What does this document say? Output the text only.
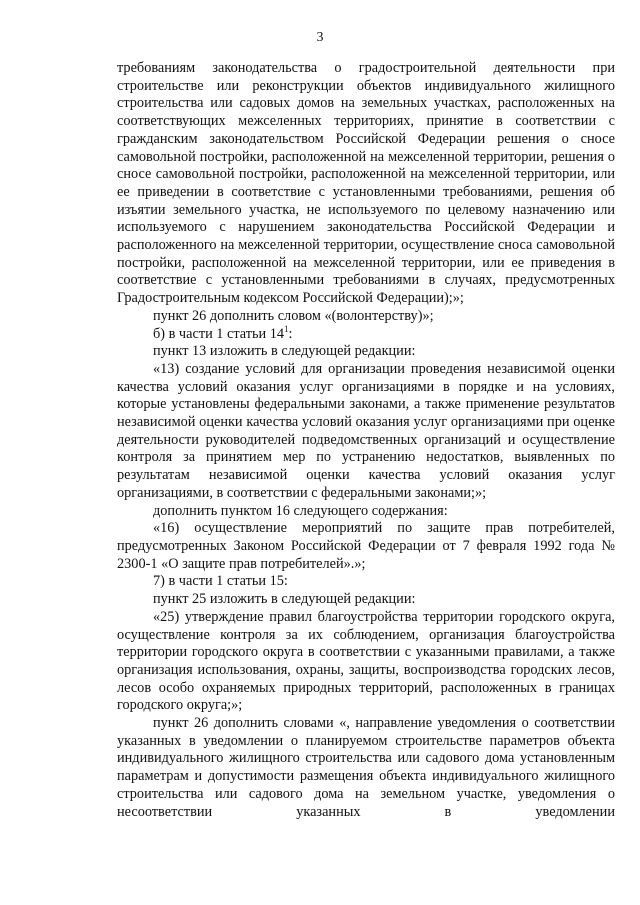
3

требованиям законодательства о градостроительной деятельности при строительстве или реконструкции объектов индивидуального жилищного строительства или садовых домов на земельных участках, расположенных на соответствующих межселенных территориях, принятие в соответствии с гражданским законодательством Российской Федерации решения о сносе самовольной постройки, расположенной на межселенной территории, решения о сносе самовольной постройки, расположенной на межселенной территории, или ее приведении в соответствие с установленными требованиями, решения об изъятии земельного участка, не используемого по целевому назначению или используемого с нарушением законодательства Российской Федерации и расположенного на межселенной территории, осуществление сноса самовольной постройки, расположенной на межселенной территории, или ее приведения в соответствие с установленными требованиями в случаях, предусмотренных Градостроительным кодексом Российской Федерации);»;

пункт 26 дополнить словом «(волонтерству)»;

б) в части 1 статьи $14^1$:

пункт 13 изложить в следующей редакции:

«13) создание условий для организации проведения независимой оценки качества условий оказания услуг организациями в порядке и на условиях, которые установлены федеральными законами, а также применение результатов независимой оценки качества условий оказания услуг организациями при оценке деятельности руководителей подведомственных организаций и осуществление контроля за принятием мер по устранению недостатков, выявленных по результатам независимой оценки качества условий оказания услуг организациями, в соответствии с федеральными законами;»;

дополнить пунктом 16 следующего содержания:

«16) осуществление мероприятий по защите прав потребителей, предусмотренных Законом Российской Федерации от 7 февраля 1992 года № 2300-1 «О защите прав потребителей».»;

7) в части 1 статьи 15:

пункт 25 изложить в следующей редакции:

«25) утверждение правил благоустройства территории городского округа, осуществление контроля за их соблюдением, организация благоустройства территории городского округа в соответствии с указанными правилами, а также организация использования, охраны, защиты, воспроизводства городских лесов, лесов особо охраняемых природных территорий, расположенных в границах городского округа;»;

пункт 26 дополнить словами «, направление уведомления о соответствии указанных в уведомлении о планируемом строительстве параметров объекта индивидуального жилищного строительства или садового дома установленным параметрам и допустимости размещения объекта индивидуального жилищного строительства или садового дома на земельном участке, уведомления о несоответствии указанных в уведомлении
